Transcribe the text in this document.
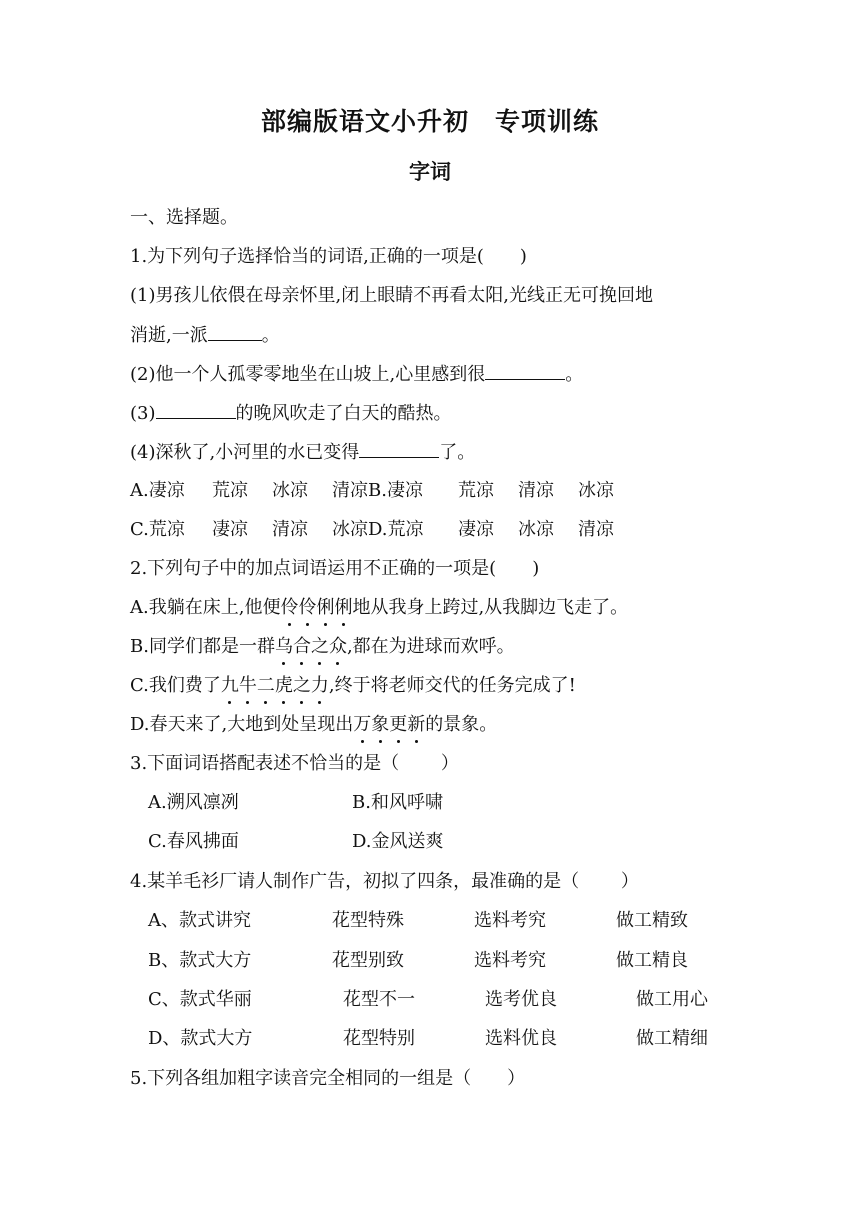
部编版语文小升初 专项训练
字词
一、选择题。
1.为下列句子选择恰当的词语,正确的一项是(　　)
(1)男孩儿依偎在母亲怀里,闭上眼睛不再看太阳,光线正无可挽回地
消逝,一派	。
(2)他一个人孤零零地坐在山坡上,心里感到很	。
(3)	的晚风吹走了白天的酷热。
(4)深秋了,小河里的水已变得	了。
A.凄凉 荒凉 冰凉 清凉B.凄凉 荒凉 清凉 冰凉
C.荒凉 凄凉 清凉 冰凉D.荒凉 凄凉 冰凉 清凉
2.下列句子中的加点词语运用不正确的一项是(　　)
A.我躺在床上,他便伶伶俐俐地从我身上跨过,从我脚边飞走了。
B.同学们都是一群乌合之众,都在为进球而欢呼。
C.我们费了九牛二虎之力,终于将老师交代的任务完成了!
D.春天来了,大地到处呈现出万象更新的景象。
3.下面词语搭配表述不恰当的是（　　 ）
A.溯风凛冽	B.和风呼啸
C.春风拂面	D.金风送爽
4.某羊毛衫厂请人制作广告，初拟了四条，最准确的是（　　 ）
A、款式讲究	花型特殊	选料考究	做工精致
B、款式大方	花型别致	选料考究	做工精良
C、款式华丽	花型不一	选考优良	做工用心
D、款式大方	花型特别	选料优良	做工精细
5.下列各组加粗字读音完全相同的一组是（　　）
